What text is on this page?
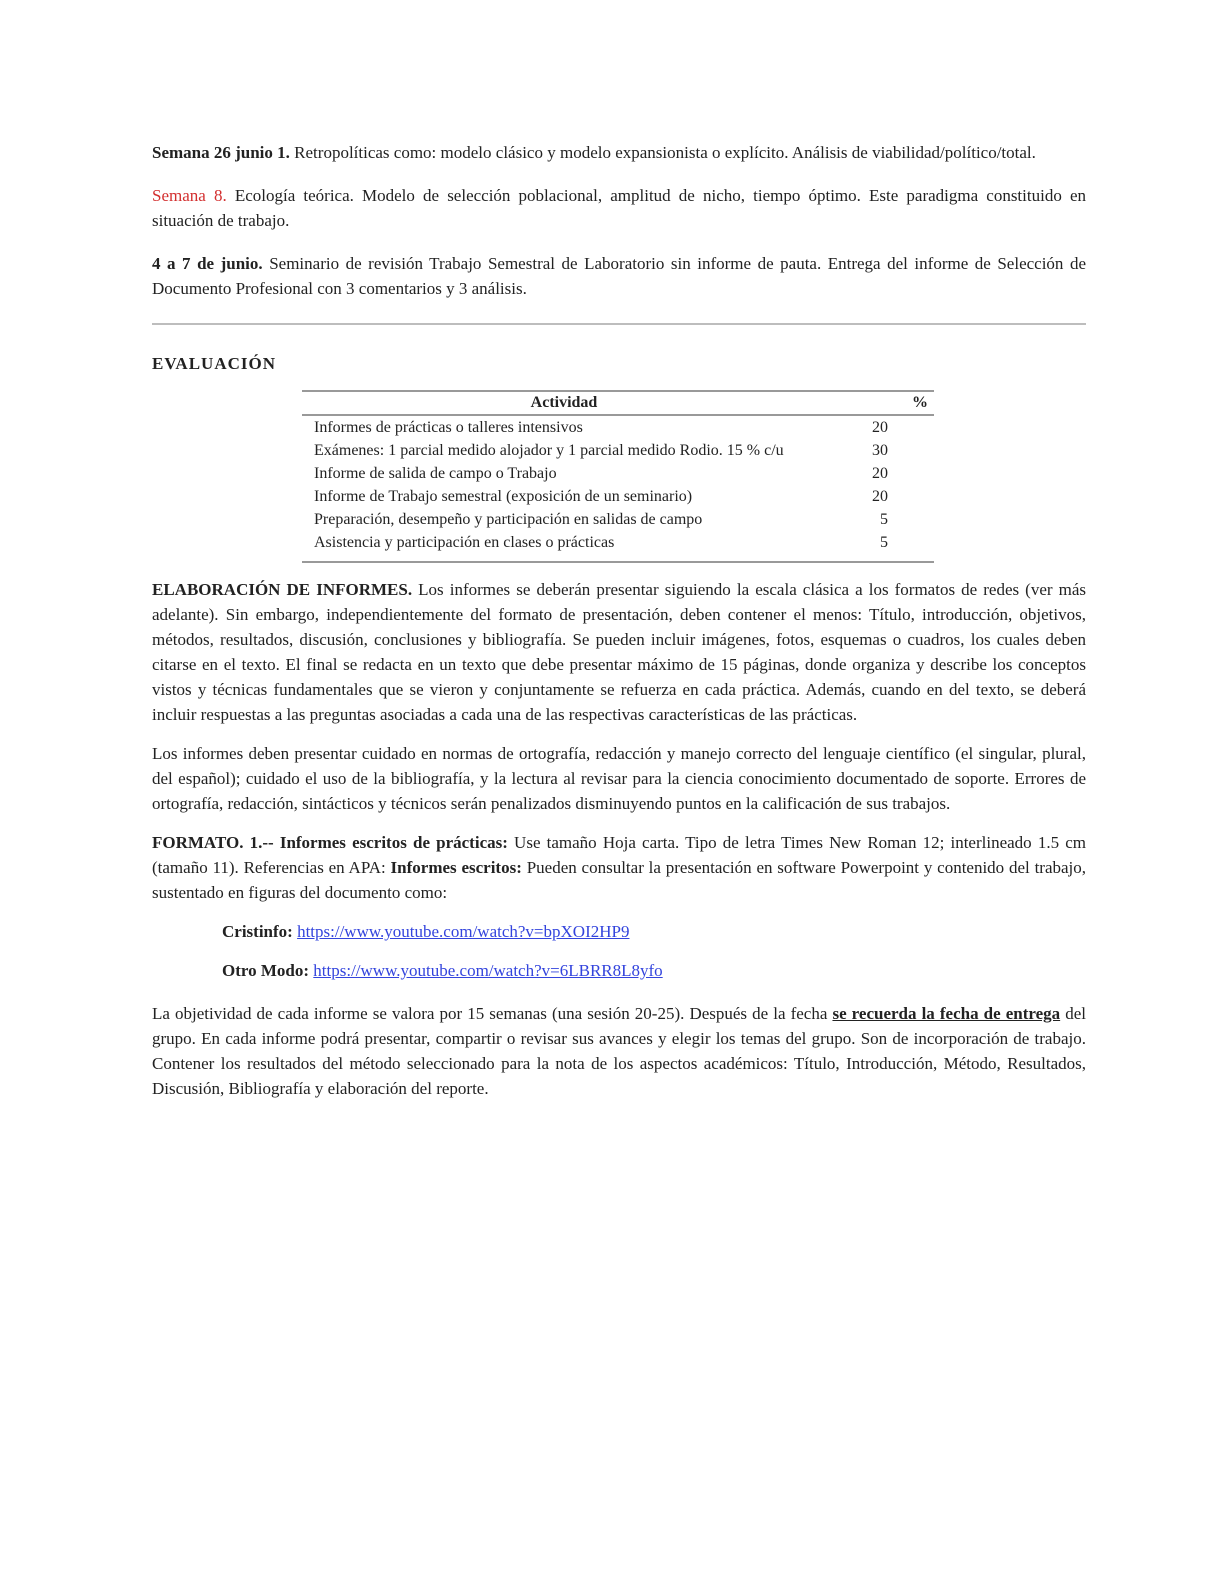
Semana 26 junio 1. Retropolíticas como: modelo clásico y modelo expansionista o explícito. Análisis de viabilidad/político/total.

Semana 8. Ecología teórica. Modelo de selección poblacional, amplitud de nicho, tiempo óptimo. Este paradigma constituido en situación de trabajo.

4 a 7 de junio. Seminario de revisión Trabajo Semestral de Laboratorio sin informe de pauta. Entrega del informe de Selección de Documento Profesional con 3 comentarios y 3 análisis.

EVALUACIÓN

Actividad	%
Informes de prácticas o talleres intensivos	20
Exámenes: 1 parcial medido alojador y 1 parcial medido Rodio. 15 % c/u	30
Informe de salida de campo o Trabajo	20
Informe de Trabajo semestral (exposición de un seminario)	20
Preparación, desempeño y participación en salidas de campo	5
Asistencia y participación en clases o prácticas	5

ELABORACIÓN DE INFORMES. Los informes se deberán presentar siguiendo la escala clásica a los formatos de redes (ver más adelante). Sin embargo, independientemente del formato de presentación, deben contener el menos: Título, introducción, objetivos, métodos, resultados, discusión, conclusiones y bibliografía. Se pueden incluir imágenes, fotos, esquemas o cuadros, los cuales deben citarse en el texto. El final se redacta en un texto que debe presentar máximo de 15 páginas, donde organiza y describe los conceptos vistos y técnicas fundamentales que se vieron y conjuntamente se refuerza en cada práctica. Además, cuando en del texto, se deberá incluir respuestas a las preguntas asociadas a cada una de las respectivas características de las prácticas.

Los informes deben presentar cuidado en normas de ortografía, redacción y manejo correcto del lenguaje científico (el singular, plural, del español); cuidado el uso de la bibliografía, y la lectura al revisar para la ciencia conocimiento documentado de soporte. Errores de ortografía, redacción, sintácticos y técnicos serán penalizados disminuyendo puntos en la calificación de sus trabajos.

FORMATO. 1.-- Informes escritos de prácticas: Use tamaño Hoja carta. Tipo de letra Times New Roman 12; interlineado 1.5 cm (tamaño 11). Referencias en APA: Informes escritos: Pueden consultar la presentación en software Powerpoint y contenido del trabajo, sustentado en figuras del documento como:

Cristinfo: https://www.youtube.com/watch?v=bpXOI2HP9

Otro Modo: https://www.youtube.com/watch?v=6LBRR8L8yfo

La objetividad de cada informe se valora por 15 semanas (una sesión 20-25). Después de la fecha se recuerda la fecha de entrega del grupo. En cada informe podrá presentar, compartir o revisar sus avances y elegir los temas del grupo. Son de incorporación de trabajo. Contener los resultados del método seleccionado para la nota de los aspectos académicos: Título, Introducción, Método, Resultados, Discusión, Bibliografía y elaboración del reporte.
